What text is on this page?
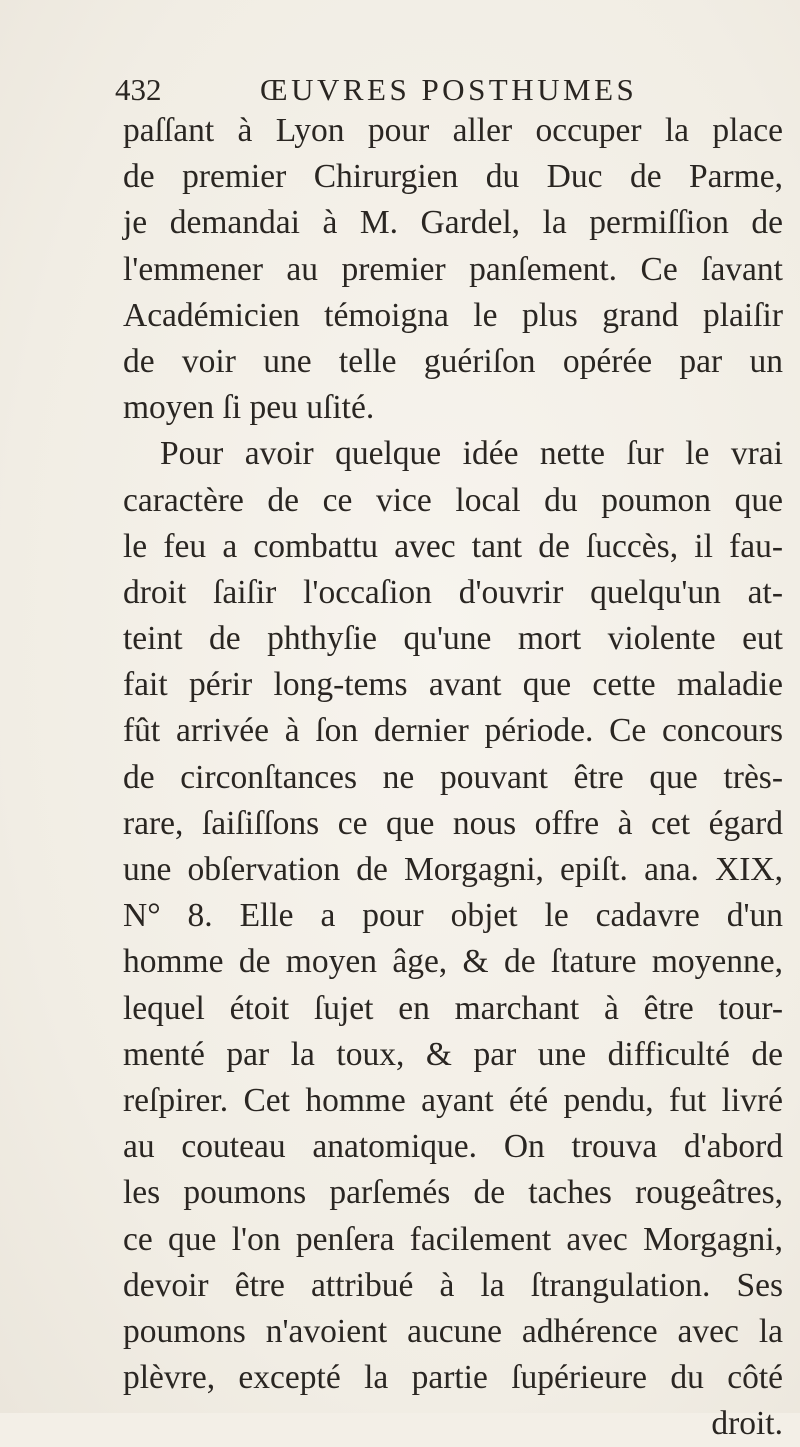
432	ŒUVRES POSTHUMES
paſſant à Lyon pour aller occuper la place
de premier Chirurgien du Duc de Parme,
je demandai à M. Gardel, la permiſſion de
l'emmener au premier panſement. Ce ſavant
Académicien témoigna le plus grand plaiſir
de voir une telle guériſon opérée par un
moyen ſi peu uſité.
Pour avoir quelque idée nette ſur le vrai
caractère de ce vice local du poumon que
le feu a combattu avec tant de ſuccès, il fau-
droit ſaiſir l'occaſion d'ouvrir quelqu'un at-
teint de phthyſie qu'une mort violente eut
fait périr long-tems avant que cette maladie
fût arrivée à ſon dernier période. Ce concours
de circonſtances ne pouvant être que très-
rare, ſaiſiſſons ce que nous offre à cet égard
une obſervation de Morgagni, epiſt. ana. XIX,
N° 8. Elle a pour objet le cadavre d'un
homme de moyen âge, & de ſtature moyenne,
lequel étoit ſujet en marchant à être tour-
menté par la toux, & par une difficulté de
reſpirer. Cet homme ayant été pendu, fut livré
au couteau anatomique. On trouva d'abord
les poumons parſemés de taches rougeâtres,
ce que l'on penſera facilement avec Morgagni,
devoir être attribué à la ſtrangulation. Ses
poumons n'avoient aucune adhérence avec la
plèvre, excepté la partie ſupérieure du côté
droit.
